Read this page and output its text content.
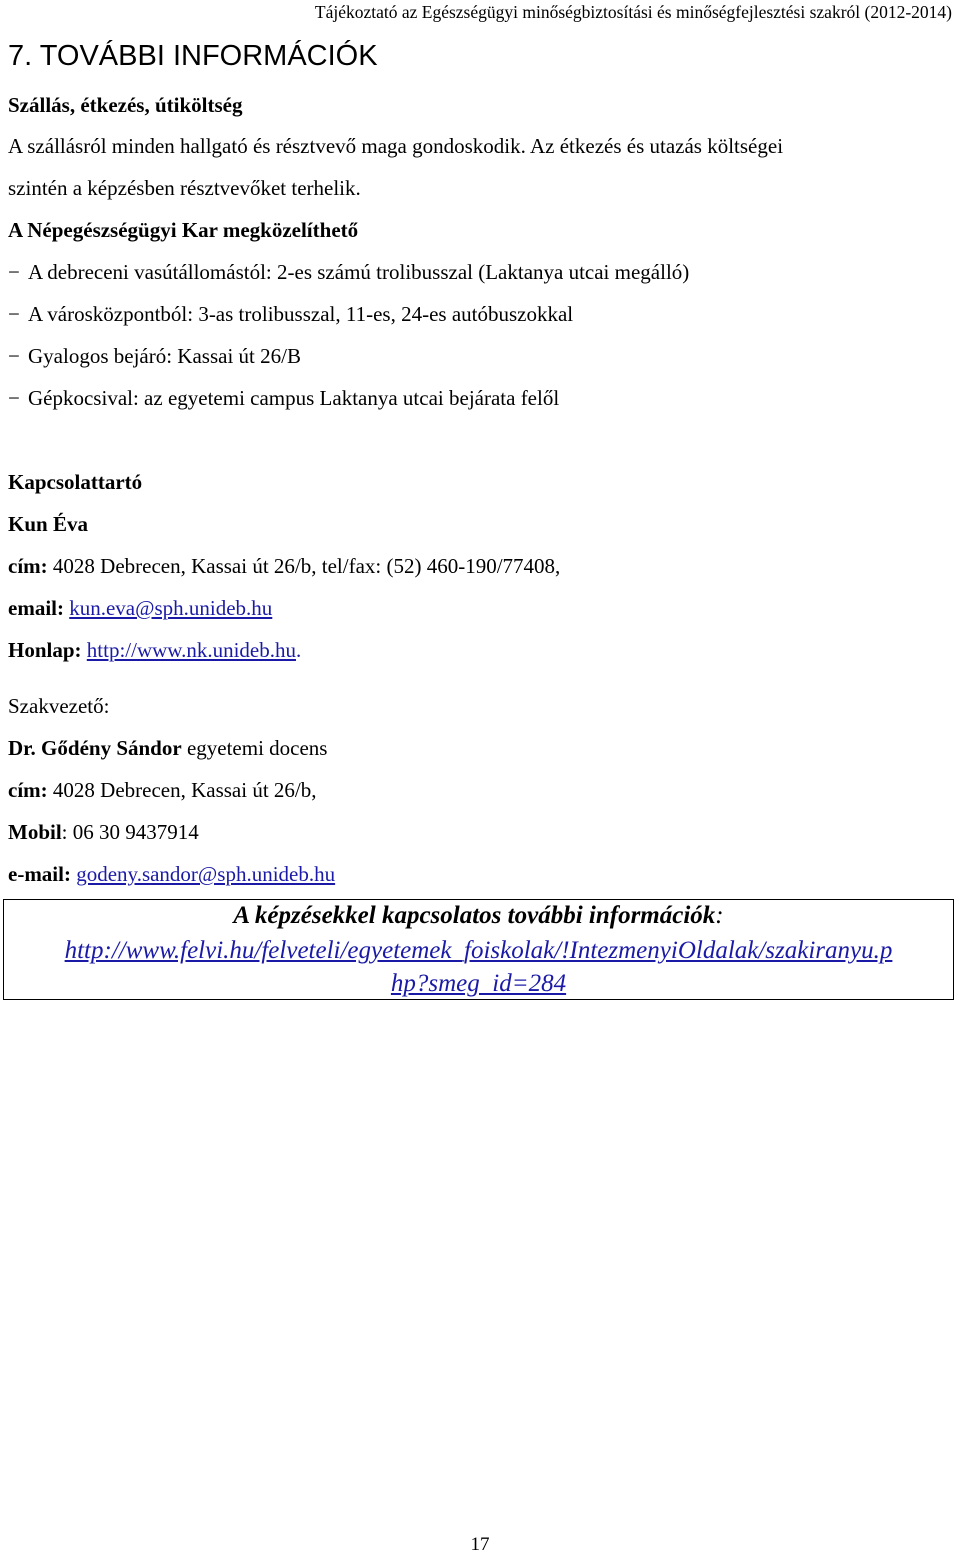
Tájékoztató az Egészségügyi minőségbiztosítási és minőségfejlesztési szakról (2012-2014)
7. TOVÁBBI INFORMÁCIÓK
Szállás, étkezés, útiköltség
A szállásról minden hallgató és résztvevő maga gondoskodik. Az étkezés és utazás költségei
szintén a képzésben résztvevőket terhelik.
A Népegészségügyi Kar megközelíthető
− A debreceni vasútállomástól: 2-es számú trolibusszal (Laktanya utcai megálló)
− A városközpontból: 3-as trolibusszal, 11-es, 24-es autóbuszokkal
− Gyalogos bejáró: Kassai út 26/B
− Gépkocsival: az egyetemi campus Laktanya utcai bejárata felől
Kapcsolattartó
Kun Éva
cím: 4028 Debrecen, Kassai út 26/b, tel/fax: (52) 460-190/77408,
email: kun.eva@sph.unideb.hu
Honlap: http://www.nk.unideb.hu.
Szakvezető:
Dr. Gődény Sándor egyetemi docens
cím: 4028 Debrecen, Kassai út 26/b,
Mobil: 06 30 9437914
e-mail: godeny.sandor@sph.unideb.hu
A képzésekkel kapcsolatos további információk:
http://www.felvi.hu/felveteli/egyetemek_foiskolak/!IntezmenyiOldalak/szakiranyu.p
hp?smeg_id=284
17
